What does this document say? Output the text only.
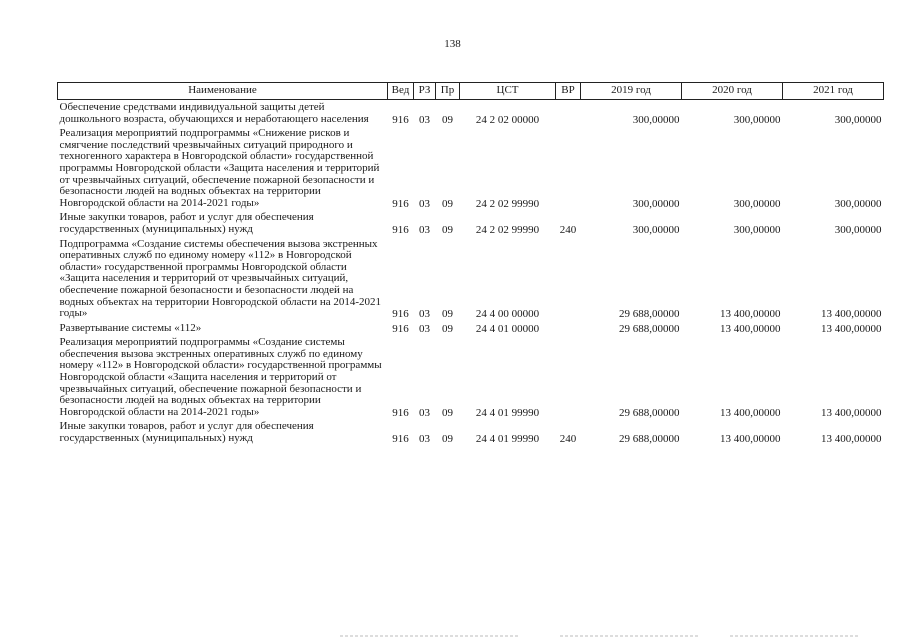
138
Наименование	Вед	РЗ	Пр	ЦСТ	ВР	2019 год	2020 год	2021 год
Обеспечение средствами индивидуальной защиты детей дошкольного возраста, обучающихся и неработающего населения	916	03	09	24 2 02 00000		300,00000	300,00000	300,00000
Реализация мероприятий подпрограммы «Снижение рисков и смягчение последствий чрезвычайных ситуаций природного и техногенного характера в Новгородской области» государственной программы Новгородской области «Защита населения и территорий от чрезвычайных ситуаций, обеспечение пожарной безопасности и безопасности людей на водных объектах на территории Новгородской области на 2014-2021 годы»	916	03	09	24 2 02 99990		300,00000	300,00000	300,00000
Иные закупки товаров, работ и услуг для обеспечения государственных (муниципальных) нужд	916	03	09	24 2 02 99990	240	300,00000	300,00000	300,00000
Подпрограмма «Создание системы обеспечения вызова экстренных оперативных служб по единому номеру «112» в Новгородской области» государственной программы Новгородской области «Защита населения и территорий от чрезвычайных ситуаций, обеспечение пожарной безопасности и безопасности людей на водных объектах на территории Новгородской области на 2014-2021 годы»	916	03	09	24 4 00 00000		29 688,00000	13 400,00000	13 400,00000
Развертывание системы «112»	916	03	09	24 4 01 00000		29 688,00000	13 400,00000	13 400,00000
Реализация мероприятий подпрограммы «Создание системы обеспечения вызова экстренных оперативных служб по единому номеру «112» в Новгородской области» государственной программы Новгородской области «Защита населения и территорий от чрезвычайных ситуаций, обеспечение пожарной безопасности и безопасности людей на водных объектах на территории Новгородской области на 2014-2021 годы»	916	03	09	24 4 01 99990		29 688,00000	13 400,00000	13 400,00000
Иные закупки товаров, работ и услуг для обеспечения государственных (муниципальных) нужд	916	03	09	24 4 01 99990	240	29 688,00000	13 400,00000	13 400,00000
